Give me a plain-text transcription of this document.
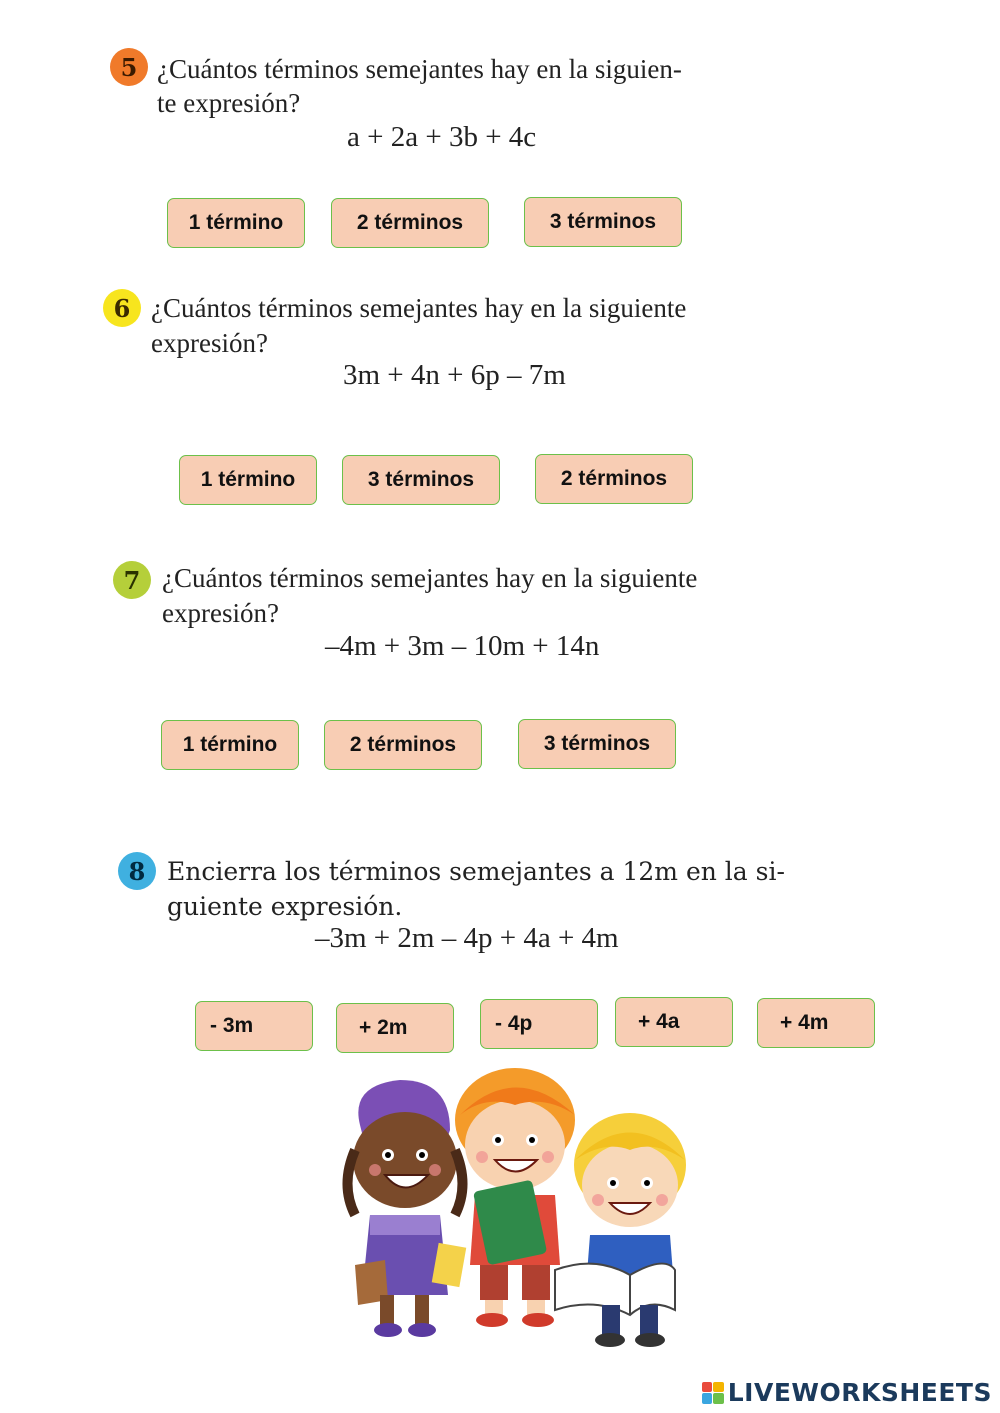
5 ¿Cuántos términos semejantes hay en la siguien-
te expresión?
a + 2a + 3b + 4c
1 término	2 términos	3 términos
6 ¿Cuántos términos semejantes hay en la siguiente
expresión?
3m + 4n + 6p – 7m
1 término	3 términos	2 términos
7 ¿Cuántos términos semejantes hay en la siguiente
expresión?
–4m + 3m – 10m + 14n
1 término	2 términos	3 términos
8 Encierra los términos semejantes a 12m en la si-
guiente expresión.
–3m + 2m – 4p + 4a + 4m
- 3m	+ 2m	- 4p	+ 4a	+ 4m
LIVEWORKSHEETS
